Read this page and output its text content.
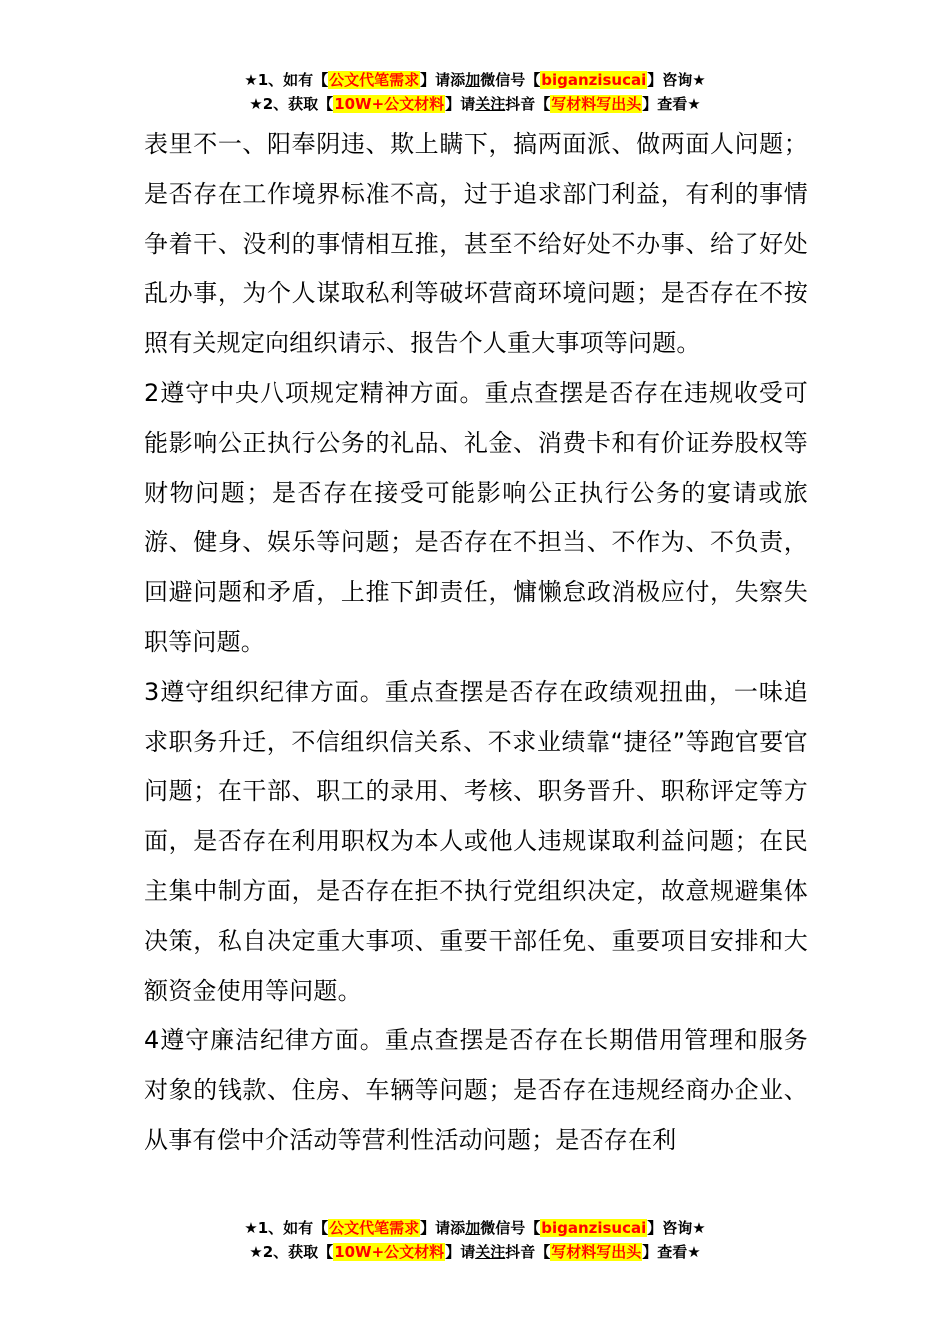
★1、如有【公文代笔需求】请添加微信号【biganzisucai】咨询★
★2、获取【10W+公文材料】请关注抖音【写材料写出头】查看★

表里不一、阳奉阴违、欺上瞒下，搞两面派、做两面人问题；是否存在工作境界标准不高，过于追求部门利益，有利的事情争着干、没利的事情相互推，甚至不给好处不办事、给了好处乱办事，为个人谋取私利等破坏营商环境问题；是否存在不按照有关规定向组织请示、报告个人重大事项等问题。

2遵守中央八项规定精神方面。重点查摆是否存在违规收受可能影响公正执行公务的礼品、礼金、消费卡和有价证券股权等财物问题；是否存在接受可能影响公正执行公务的宴请或旅游、健身、娱乐等问题；是否存在不担当、不作为、不负责，回避问题和矛盾，上推下卸责任，慵懒怠政消极应付，失察失职等问题。

3遵守组织纪律方面。重点查摆是否存在政绩观扭曲，一味追求职务升迁，不信组织信关系、不求业绩靠“捷径”等跑官要官问题；在干部、职工的录用、考核、职务晋升、职称评定等方面，是否存在利用职权为本人或他人违规谋取利益问题；在民主集中制方面，是否存在拒不执行党组织决定，故意规避集体决策，私自决定重大事项、重要干部任免、重要项目安排和大额资金使用等问题。

4遵守廉洁纪律方面。重点查摆是否存在长期借用管理和服务对象的钱款、住房、车辆等问题；是否存在违规经商办企业、从事有偿中介活动等营利性活动问题；是否存在利

★1、如有【公文代笔需求】请添加微信号【biganzisucai】咨询★
★2、获取【10W+公文材料】请关注抖音【写材料写出头】查看★
